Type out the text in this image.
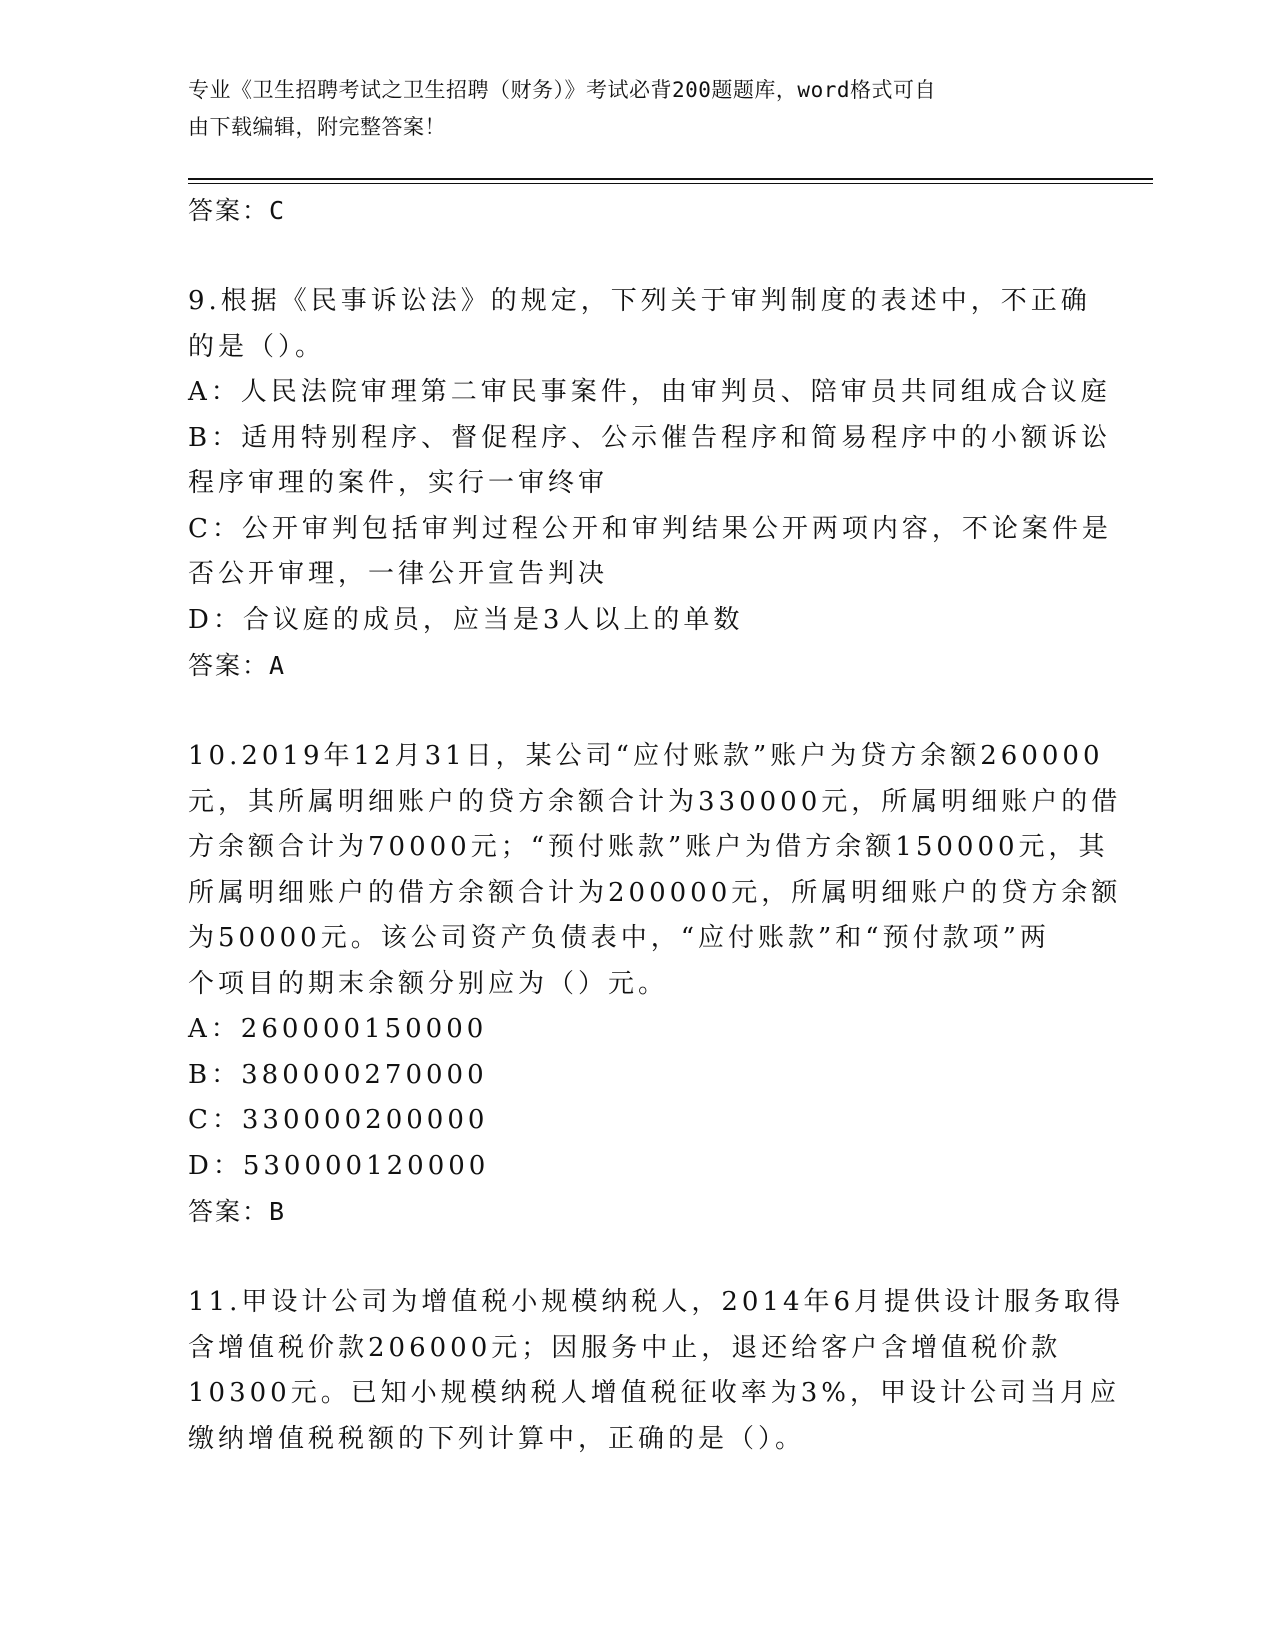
专业《卫生招聘考试之卫生招聘（财务）》考试必背200题题库，word格式可自
由下载编辑，附完整答案！
答案：C
9.根据《民事诉讼法》的规定，下列关于审判制度的表述中，不正确
的是（）。
A：人民法院审理第二审民事案件，由审判员、陪审员共同组成合议庭
B：适用特别程序、督促程序、公示催告程序和简易程序中的小额诉讼
程序审理的案件，实行一审终审
C：公开审判包括审判过程公开和审判结果公开两项内容，不论案件是
否公开审理，一律公开宣告判决
D：合议庭的成员，应当是3人以上的单数
答案：A
10.2019年12月31日，某公司“应付账款”账户为贷方余额260000
元，其所属明细账户的贷方余额合计为330000元，所属明细账户的借
方余额合计为70000元；“预付账款”账户为借方余额150000元，其
所属明细账户的借方余额合计为200000元，所属明细账户的贷方余额
为50000元。该公司资产负债表中，“应付账款”和“预付款项”两
个项目的期末余额分别应为（）元。
A：260000150000
B：380000270000
C：330000200000
D：530000120000
答案：B
11.甲设计公司为增值税小规模纳税人，2014年6月提供设计服务取得
含增值税价款206000元；因服务中止，退还给客户含增值税价款
10300元。已知小规模纳税人增值税征收率为3%，甲设计公司当月应
缴纳增值税税额的下列计算中，正确的是（）。
